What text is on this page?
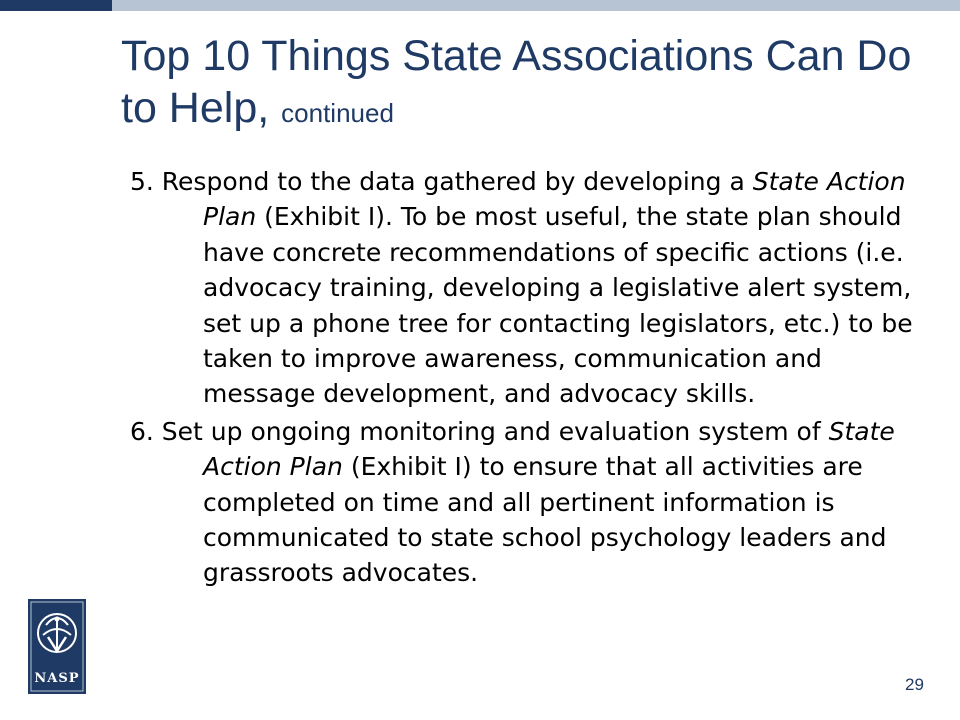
Top 10 Things State Associations Can Do to Help, continued
5. Respond to the data gathered by developing a State Action Plan (Exhibit I). To be most useful, the state plan should have concrete recommendations of specific actions (i.e. advocacy training, developing a legislative alert system, set up a phone tree for contacting legislators, etc.) to be taken to improve awareness, communication and message development, and advocacy skills.
6. Set up ongoing monitoring and evaluation system of State Action Plan (Exhibit I) to ensure that all activities are completed on time and all pertinent information is communicated to state school psychology leaders and grassroots advocates.
NASP	29
